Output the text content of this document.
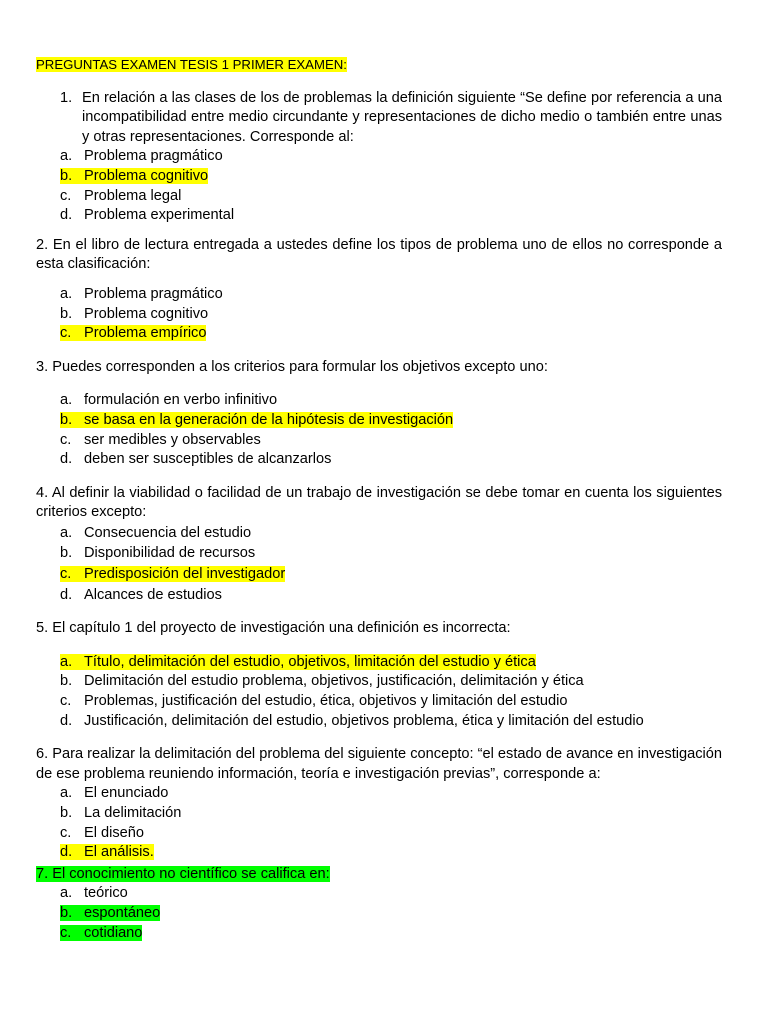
PREGUNTAS EXAMEN TESIS 1 PRIMER EXAMEN:
1. En relación a las clases de los de problemas la definición siguiente “Se define por referencia a una incompatibilidad entre medio circundante y representaciones de dicho medio o también entre unas y otras representaciones. Corresponde al:
a. Problema pragmático
b. Problema cognitivo
c. Problema legal
d. Problema experimental
2. En el libro de lectura entregada a ustedes define los tipos de problema uno de ellos no corresponde a esta clasificación:
a. Problema pragmático
b. Problema cognitivo
c. Problema empírico
3. Puedes corresponden a los criterios para formular los objetivos excepto uno:
a. formulación en verbo infinitivo
b. se basa en la generación de la hipótesis de investigación
c. ser medibles y observables
d. deben ser susceptibles de alcanzarlos
4. Al definir la viabilidad o facilidad de un trabajo de investigación se debe tomar en cuenta los siguientes criterios excepto:
a. Consecuencia del estudio
b. Disponibilidad de recursos
c. Predisposición del investigador
d. Alcances de estudios
5. El capítulo 1 del proyecto de investigación una definición es incorrecta:
a. Título, delimitación del estudio, objetivos, limitación del estudio y ética
b. Delimitación del estudio problema, objetivos, justificación, delimitación y ética
c. Problemas, justificación del estudio, ética, objetivos y limitación del estudio
d. Justificación, delimitación del estudio, objetivos problema, ética y limitación del estudio
6. Para realizar la delimitación del problema del siguiente concepto: “el estado de avance en investigación de ese problema reuniendo información, teoría e investigación previas”, corresponde a:
a. El enunciado
b. La delimitación
c. El diseño
d. El análisis.
7. El conocimiento no científico se califica en:
a. teórico
b. espontáneo
c. cotidiano
